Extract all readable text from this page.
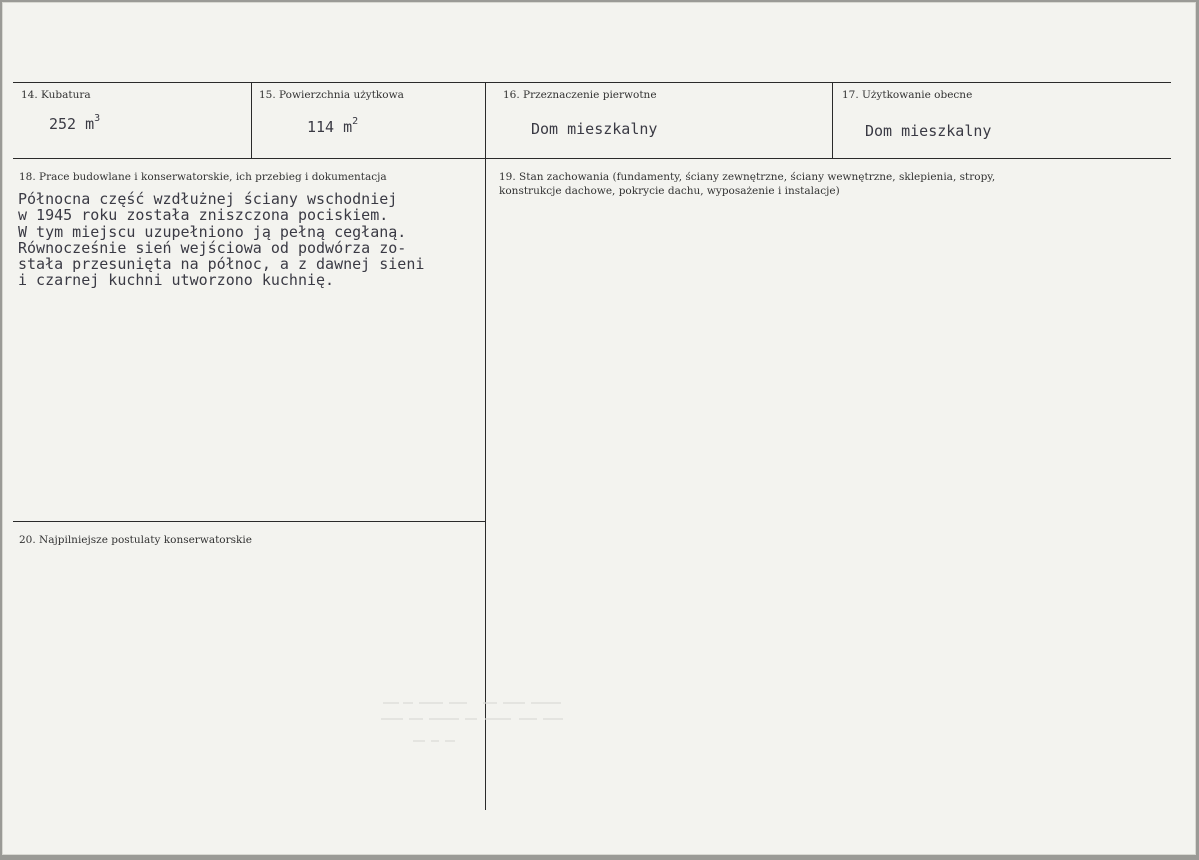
14. Kubatura
252 $m^3$
15. Powierzchnia użytkowa
114 $m^2$
16. Przeznaczenie pierwotne
Dom mieszkalny
17. Użytkowanie obecne
Dom mieszkalny
18. Prace budowlane i konserwatorskie, ich przebieg i dokumentacja
Północna część wzdłużnej ściany wschodniej
w 1945 roku została zniszczona pociskiem.
W tym miejscu uzupełniono ją pełną cegłaną.
Równocześnie sień wejściowa od podwórza zo-
stała przesunięta na północ, a z dawnej sieni
i czarnej kuchni utworzono kuchnię.
19. Stan zachowania (fundamenty, ściany zewnętrzne, ściany wewnętrzne, sklepienia, stropy,
konstrukcje dachowe, pokrycie dachu, wyposażenie i instalacje)
20. Najpilniejsze postulaty konserwatorskie
